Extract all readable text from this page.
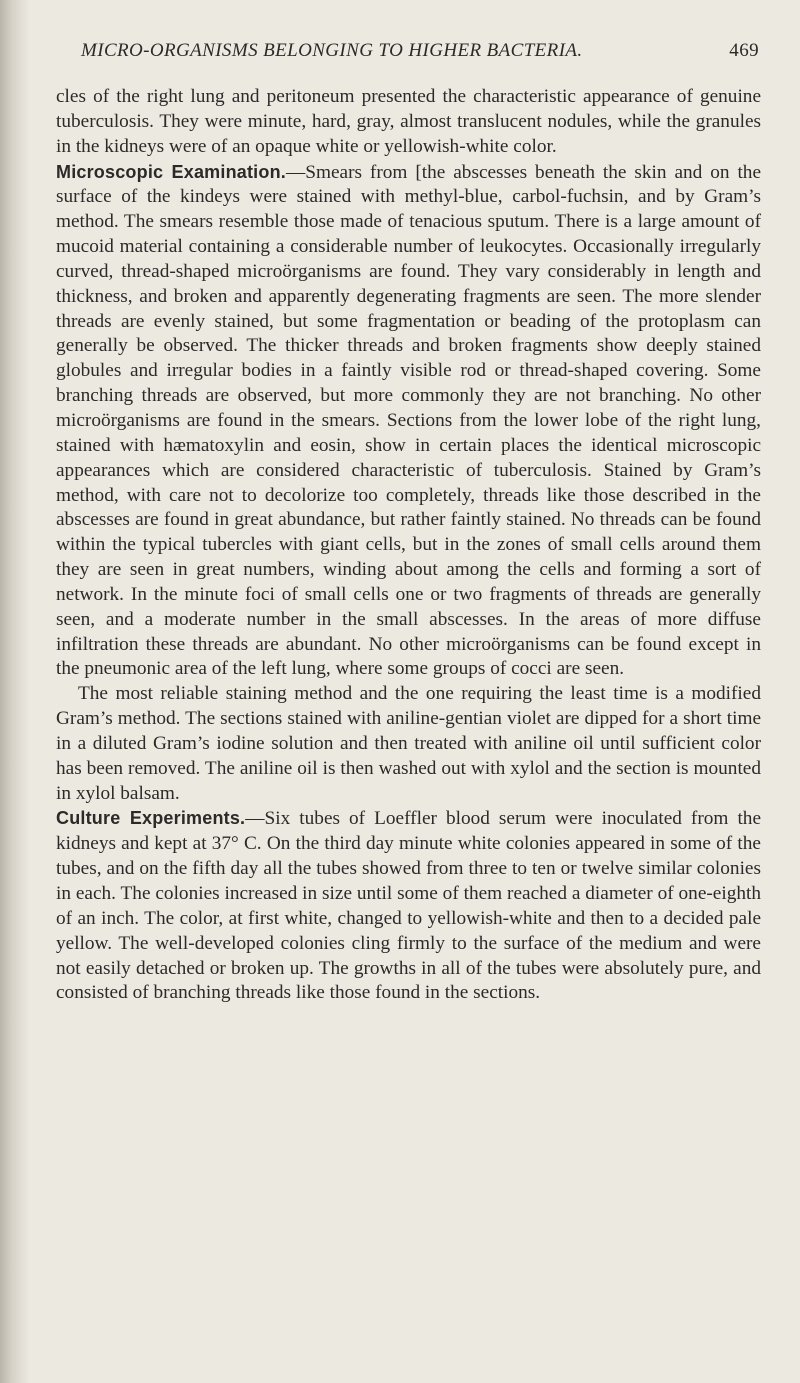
MICRO-ORGANISMS BELONGING TO HIGHER BACTERIA.	469

cles of the right lung and peritoneum presented the characteristic appearance of genuine tuberculosis. They were minute, hard, gray, almost translucent nodules, while the granules in the kidneys were of an opaque white or yellowish-white color.

Microscopic Examination.—Smears from [the abscesses beneath the skin and on the surface of the kindeys were stained with methyl-blue, carbol-fuchsin, and by Gram’s method. The smears resemble those made of tenacious sputum. There is a large amount of mucoid material containing a considerable number of leukocytes. Occasionally irregularly curved, thread-shaped microörganisms are found. They vary considerably in length and thickness, and broken and apparently degenerating fragments are seen. The more slender threads are evenly stained, but some fragmentation or beading of the protoplasm can generally be observed. The thicker threads and broken fragments show deeply stained globules and irregular bodies in a faintly visible rod or thread-shaped covering. Some branching threads are observed, but more commonly they are not branching. No other microörganisms are found in the smears. Sections from the lower lobe of the right lung, stained with hæmatoxylin and eosin, show in certain places the identical microscopic appearances which are considered characteristic of tuberculosis. Stained by Gram’s method, with care not to decolorize too completely, threads like those described in the abscesses are found in great abundance, but rather faintly stained. No threads can be found within the typical tubercles with giant cells, but in the zones of small cells around them they are seen in great numbers, winding about among the cells and forming a sort of network. In the minute foci of small cells one or two fragments of threads are generally seen, and a moderate number in the small abscesses. In the areas of more diffuse infiltration these threads are abundant. No other microörganisms can be found except in the pneumonic area of the left lung, where some groups of cocci are seen.

The most reliable staining method and the one requiring the least time is a modified Gram’s method. The sections stained with aniline-gentian violet are dipped for a short time in a diluted Gram’s iodine solution and then treated with aniline oil until sufficient color has been removed. The aniline oil is then washed out with xylol and the section is mounted in xylol balsam.

Culture Experiments.—Six tubes of Loeffler blood serum were inoculated from the kidneys and kept at 37° C. On the third day minute white colonies appeared in some of the tubes, and on the fifth day all the tubes showed from three to ten or twelve similar colonies in each. The colonies increased in size until some of them reached a diameter of one-eighth of an inch. The color, at first white, changed to yellowish-white and then to a decided pale yellow. The well-developed colonies cling firmly to the surface of the medium and were not easily detached or broken up. The growths in all of the tubes were absolutely pure, and consisted of branching threads like those found in the sections.
